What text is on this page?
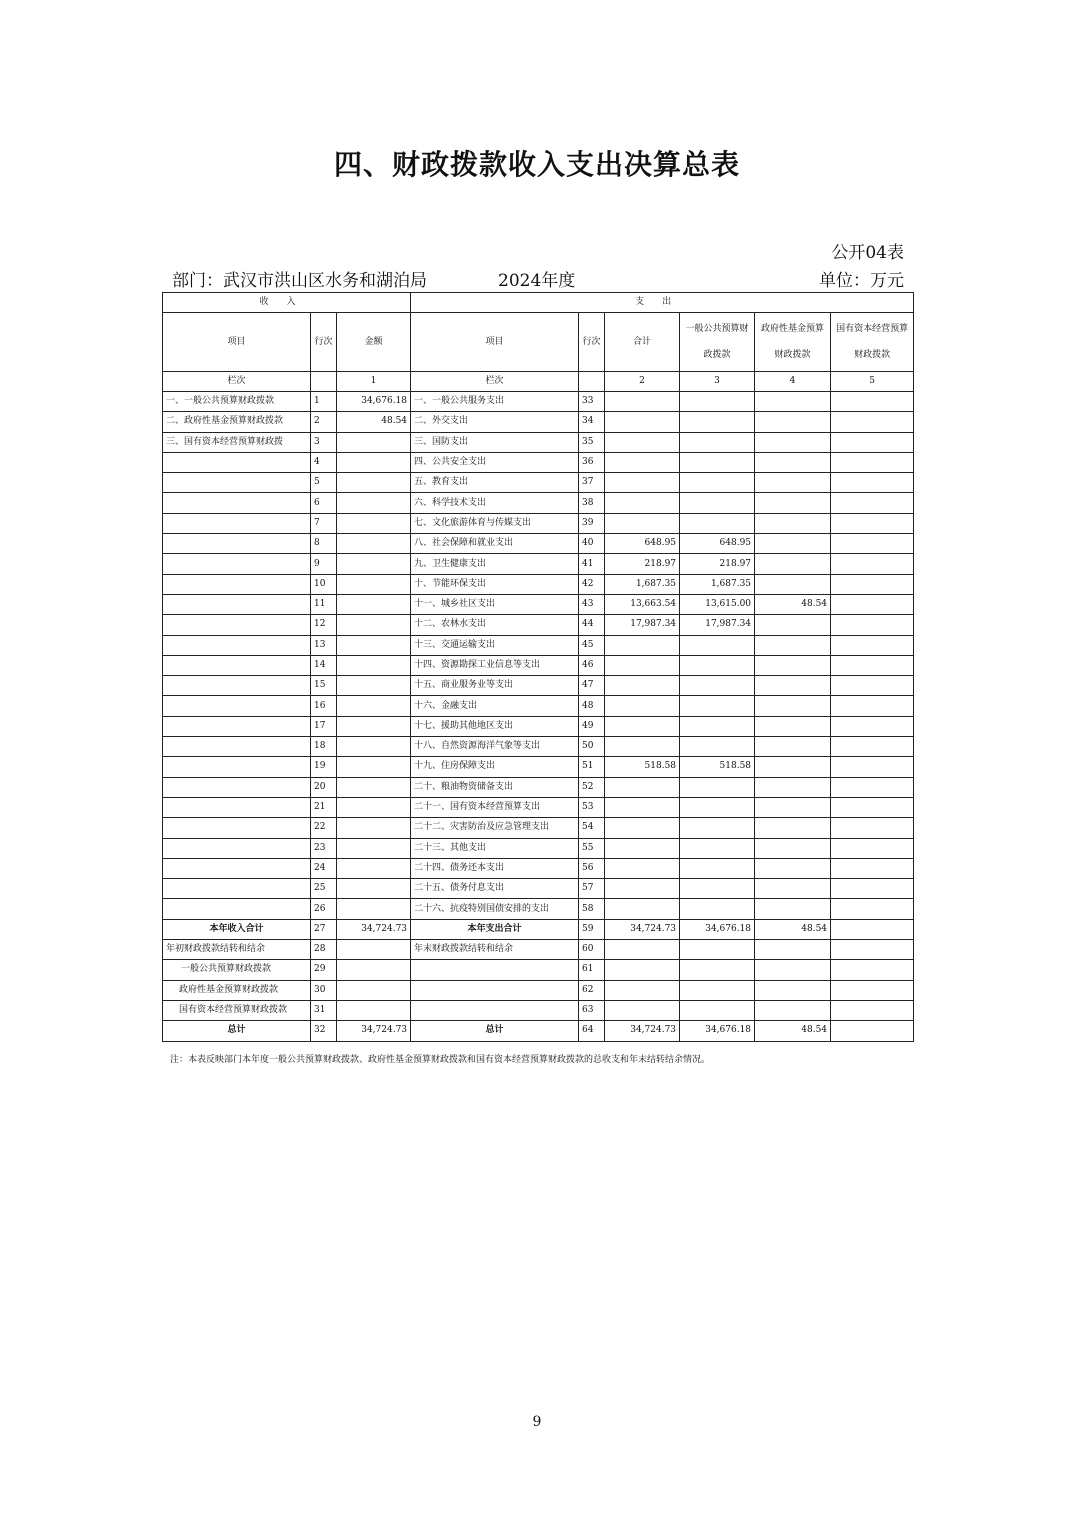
四、财政拨款收入支出决算总表
公开04表
部门：武汉市洪山区水务和湖泊局	2024年度	单位：万元
收入			支出					
项目	行次	金额	项目	行次	合计	一般公共预算财政拨款	政府性基金预算财政拨款	国有资本经营预算财政拨款
栏次		1	栏次		2	3	4	5
一、一般公共预算财政拨款	1	34,676.18	一、一般公共服务支出	33				
二、政府性基金预算财政拨款	2	48.54	二、外交支出	34				
三、国有资本经营预算财政拨	3		三、国防支出	35				
	4		四、公共安全支出	36				
	5		五、教育支出	37				
	6		六、科学技术支出	38				
	7		七、文化旅游体育与传媒支出	39				
	8		八、社会保障和就业支出	40	648.95	648.95		
	9		九、卫生健康支出	41	218.97	218.97		
	10		十、节能环保支出	42	1,687.35	1,687.35		
	11		十一、城乡社区支出	43	13,663.54	13,615.00	48.54	
	12		十二、农林水支出	44	17,987.34	17,987.34		
	13		十三、交通运输支出	45				
	14		十四、资源勘探工业信息等支出	46				
	15		十五、商业服务业等支出	47				
	16		十六、金融支出	48				
	17		十七、援助其他地区支出	49				
	18		十八、自然资源海洋气象等支出	50				
	19		十九、住房保障支出	51	518.58	518.58		
	20		二十、粮油物资储备支出	52				
	21		二十一、国有资本经营预算支出	53				
	22		二十二、灾害防治及应急管理支出	54				
	23		二十三、其他支出	55				
	24		二十四、债务还本支出	56				
	25		二十五、债务付息支出	57				
	26		二十六、抗疫特别国债安排的支出	58				
本年收入合计	27	34,724.73	本年支出合计	59	34,724.73	34,676.18	48.54	
年初财政拨款结转和结余	28		年末财政拨款结转和结余	60				
一般公共预算财政拨款	29			61				
政府性基金预算财政拨款	30			62				
国有资本经营预算财政拨款	31			63				
总计	32	34,724.73	总计	64	34,724.73	34,676.18	48.54	
注：本表反映部门本年度一般公共预算财政拨款、政府性基金预算财政拨款和国有资本经营预算财政拨款的总收支和年末结转结余情况。
9
